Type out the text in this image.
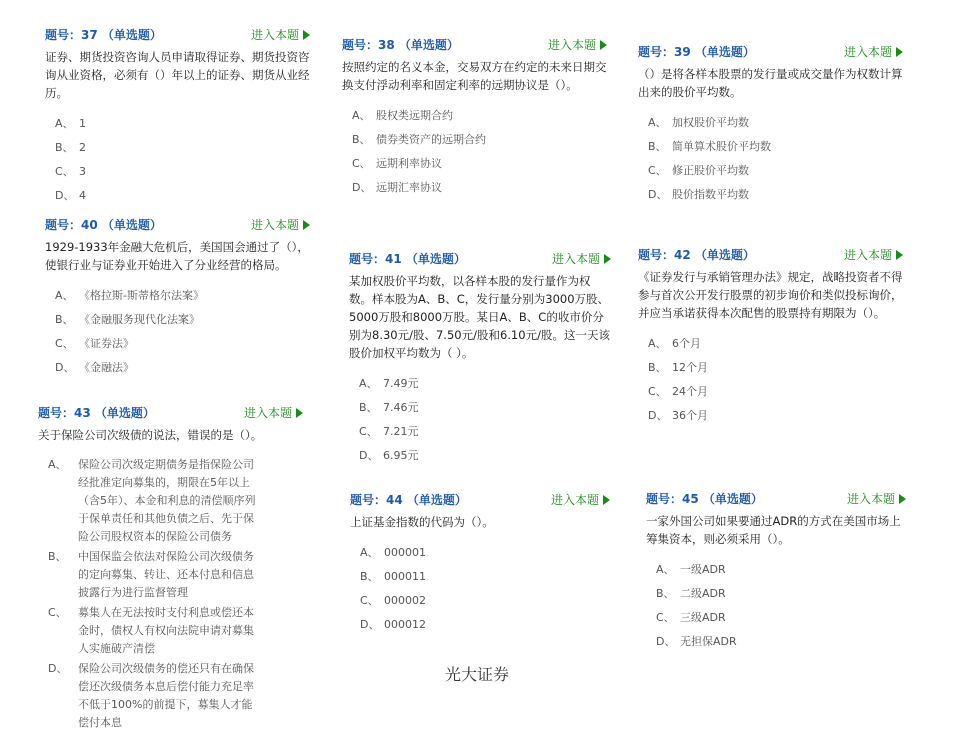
题号：37 （单选题）	进入本题
证券、期货投资咨询人员申请取得证券、期货投资咨询从业资格，必须有（）年以上的证券、期货从业经历。
A、 1
B、 2
C、 3
D、 4
题号：38 （单选题）	进入本题
按照约定的名义本金，交易双方在约定的未来日期交换支付浮动利率和固定利率的远期协议是（）。
A、 股权类远期合约
B、 债券类资产的远期合约
C、 远期利率协议
D、 远期汇率协议
题号：39 （单选题）	进入本题
（）是将各样本股票的发行量或成交量作为权数计算出来的股价平均数。
A、 加权股价平均数
B、 简单算术股价平均数
C、 修正股价平均数
D、 股价指数平均数
题号：40 （单选题）	进入本题
1929-1933年金融大危机后，美国国会通过了（），使银行业与证券业开始进入了分业经营的格局。
A、 《格拉斯-斯蒂格尔法案》
B、 《金融服务现代化法案》
C、 《证券法》
D、 《金融法》
题号：41 （单选题）	进入本题
某加权股价平均数，以各样本股的发行量作为权数。样本股为A、B、C，发行量分别为3000万股、5000万股和8000万股。某日A、B、C的收市价分别为8.30元/股、7.50元/股和6.10元/股。这一天该股价加权平均数为（ ）。
A、 7.49元
B、 7.46元
C、 7.21元
D、 6.95元
题号：42 （单选题）	进入本题
《证券发行与承销管理办法》规定，战略投资者不得参与首次公开发行股票的初步询价和类似投标询价，并应当承诺获得本次配售的股票持有期限为（）。
A、 6个月
B、 12个月
C、 24个月
D、 36个月
题号：43 （单选题）	进入本题
关于保险公司次级债的说法，错误的是（）。
A、	保险公司次级定期债务是指保险公司经批准定向募集的，期限在5年以上（含5年）、本金和利息的清偿顺序列于保单责任和其他负债之后、先于保险公司股权资本的保险公司债务
B、	中国保监会依法对保险公司次级债务的定向募集、转让、还本付息和信息披露行为进行监督管理
C、	募集人在无法按时支付利息或偿还本金时，债权人有权向法院申请对募集人实施破产清偿
D、 保险公司次级债务的偿还只有在确保偿还次级债务本息后偿付能力充足率不低于100%的前提下，募集人才能偿付本息
题号：44 （单选题）	进入本题
上证基金指数的代码为（）。
A、 000001
B、 000011
C、 000002
D、 000012
题号：45 （单选题）	进入本题
一家外国公司如果要通过ADR的方式在美国市场上筹集资本，则必须采用（）。
A、 一级ADR
B、 二级ADR
C、 三级ADR
D、 无担保ADR
光大证券
